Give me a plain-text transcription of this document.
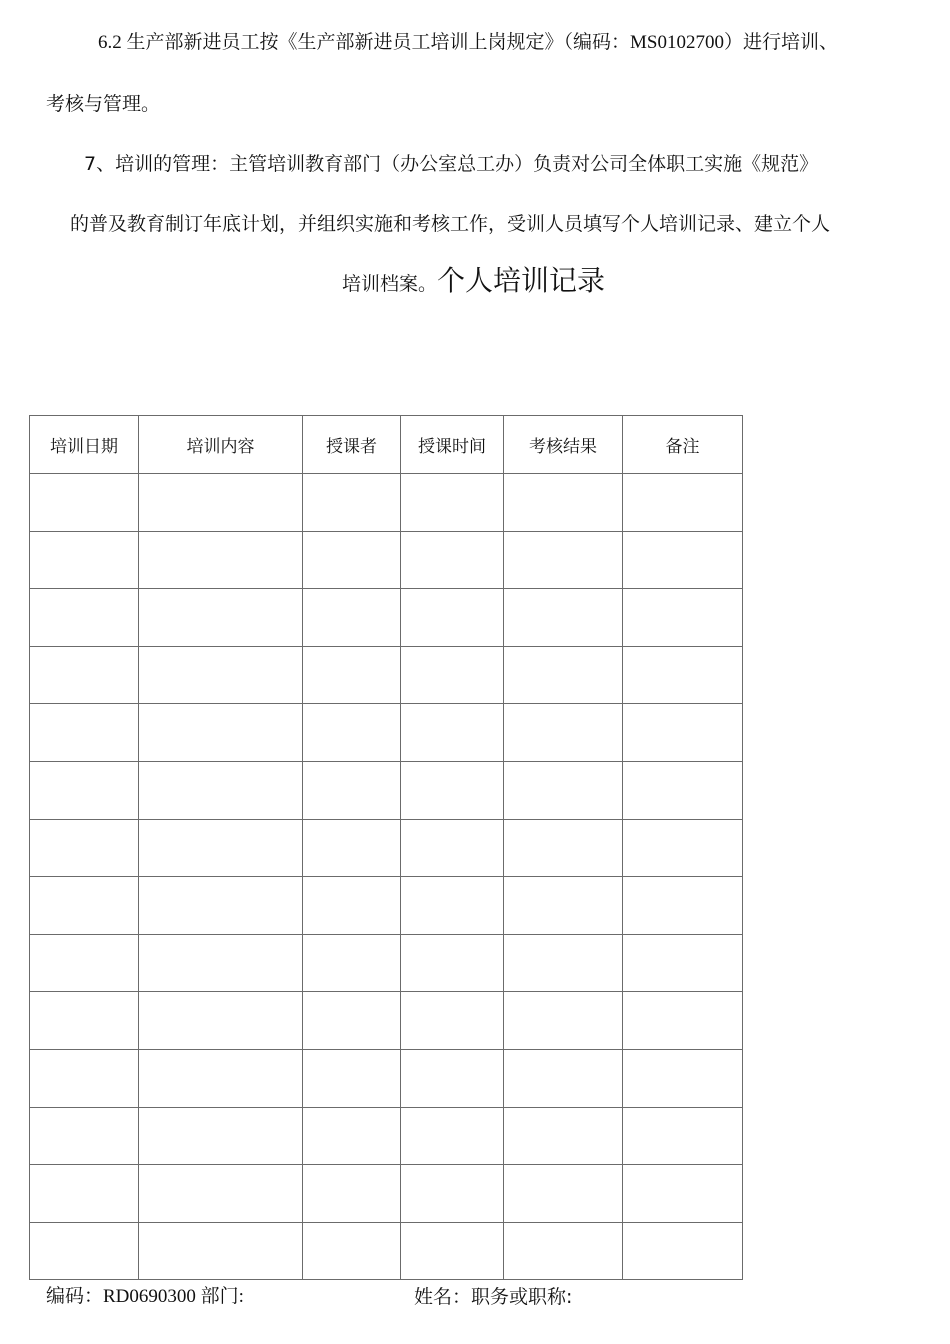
6.2 生产部新进员工按《生产部新进员工培训上岗规定》（编码：MS0102700）进行培训、

考核与管理。

7、培训的管理：主管培训教育部门（办公室总工办）负责对公司全体职工实施《规范》

的普及教育制订年底计划，并组织实施和考核工作，受训人员填写个人培训记录、建立个人

培训档案。个人培训记录

培训日期	培训内容	授课者	授课时间	考核结果	备注

编码：RD0690300 部门:	姓名：职务或职称:
